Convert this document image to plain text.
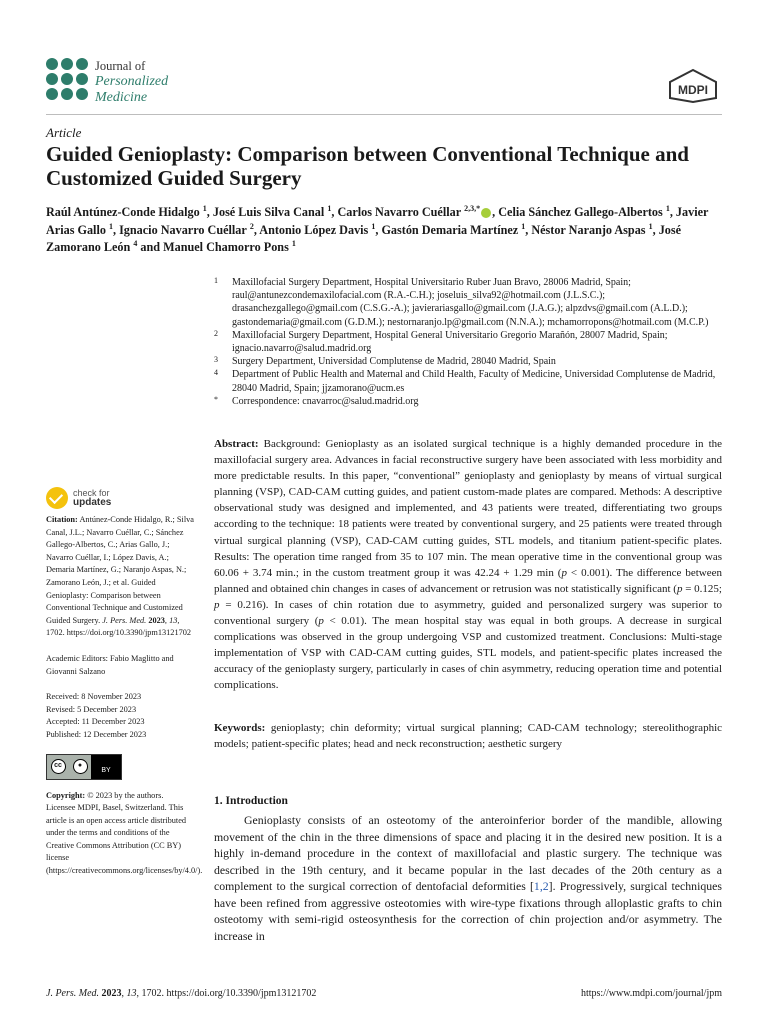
Journal of
Personalized
Medicine	MDPI
Article
Guided Genioplasty: Comparison between Conventional Technique and Customized Guided Surgery
Raúl Antúnez-Conde Hidalgo $^1$, José Luis Silva Canal $^1$, Carlos Navarro Cuéllar $^{2,3,*}$ , Celia Sánchez Gallego-Albertos $^1$, Javier Arias Gallo $^1$, Ignacio Navarro Cuéllar $^2$, Antonio López Davis $^1$, Gastón Demaria Martínez $^1$, Néstor Naranjo Aspas $^1$, José Zamorano León $^4$ and Manuel Chamorro Pons $^1$
1	Maxillofacial Surgery Department, Hospital Universitario Ruber Juan Bravo, 28006 Madrid, Spain; raul@antunezcondemaxilofacial.com (R.A.-C.H.); joseluis_silva92@hotmail.com (J.L.S.C.); drasanchezgallego@gmail.com (C.S.G.-A.); javierariasgallo@gmail.com (J.A.G.); alpzdvs@gmail.com (A.L.D.); gastondemaria@gmail.com (G.D.M.); nestornaranjo.lp@gmail.com (N.N.A.); mchamorropons@hotmail.com (M.C.P.)
2	Maxillofacial Surgery Department, Hospital General Universitario Gregorio Marañón, 28007 Madrid, Spain; ignacio.navarro@salud.madrid.org
3	Surgery Department, Universidad Complutense de Madrid, 28040 Madrid, Spain
4	Department of Public Health and Maternal and Child Health, Faculty of Medicine, Universidad Complutense de Madrid, 28040 Madrid, Spain; jjzamorano@ucm.es
*	Correspondence: cnavarroc@salud.madrid.org
check for
updates

Citation: Antúnez-Conde Hidalgo, R.; Silva Canal, J.L.; Navarro Cuéllar, C.; Sánchez Gallego-Albertos, C.; Arias Gallo, J.; Navarro Cuéllar, I.; López Davis, A.; Demaria Martínez, G.; Naranjo Aspas, N.; Zamorano León, J.; et al. Guided Genioplasty: Comparison between Conventional Technique and Customized Guided Surgery. J. Pers. Med. 2023, 13, 1702. https://doi.org/10.3390/jpm13121702

Academic Editors: Fabio Maglitto and Giovanni Salzano

Received: 8 November 2023

Revised: 5 December 2023

Accepted: 11 December 2023

Published: 12 December 2023

cc	●
BY

Copyright: © 2023 by the authors. Licensee MDPI, Basel, Switzerland. This article is an open access article distributed under the terms and conditions of the Creative Commons Attribution (CC BY) license (https://creativecommons.org/licenses/by/4.0/).

Abstract: Background: Genioplasty as an isolated surgical technique is a highly demanded procedure in the maxillofacial surgery area. Advances in facial reconstructive surgery have been associated with less morbidity and more predictable results. In this paper, “conventional” genioplasty and genioplasty by means of virtual surgical planning (VSP), CAD-CAM cutting guides, and patient custom-made plates are compared. Methods: A descriptive observational study was designed and implemented, and 43 patients were treated, differentiating two groups according to the technique: 18 patients were treated by conventional surgery, and 25 patients were treated through virtual surgical planning (VSP), CAD-CAM cutting guides, STL models, and titanium patient-specific plates. Results: The operation time ranged from 35 to 107 min. The mean operative time in the conventional group was 60.06 + 3.74 min.; in the custom treatment group it was 42.24 + 1.29 min (p < 0.001). The difference between planned and obtained chin changes in cases of advancement or retrusion was not statistically significant (p = 0.125; p = 0.216). In cases of chin rotation due to asymmetry, guided and personalized surgery was superior to conventional surgery (p < 0.01). The mean hospital stay was equal in both groups. A decrease in surgical complications was observed in the group undergoing VSP and customized treatment. Conclusions: Multi-stage implementation of VSP with CAD-CAM cutting guides, STL models, and patient-specific plates increased the accuracy of the genioplasty surgery, particularly in cases of chin asymmetry, reducing operation time and potential complications.
Keywords: genioplasty; chin deformity; virtual surgical planning; CAD-CAM technology; stereolithographic models; patient-specific plates; head and neck reconstruction; aesthetic surgery
1. Introduction
Genioplasty consists of an osteotomy of the anteroinferior border of the mandible, allowing movement of the chin in the three dimensions of space and placing it in the desired new position. It is a highly in-demand procedure in the context of maxillofacial and plastic surgery. The technique was described in the 19th century, and it became popular in the last decades of the 20th century as a complement to the surgical correction of dentofacial deformities [1,2]. Progressively, surgical techniques have been refined from aggressive osteotomies with wire-type fixations through alloplastic grafts to chin osteotomy with semi-rigid osteosynthesis for the correction of chin projection and/or asymmetry. The increase in
J. Pers. Med. 2023, 13, 1702. https://doi.org/10.3390/jpm13121702	https://www.mdpi.com/journal/jpm
